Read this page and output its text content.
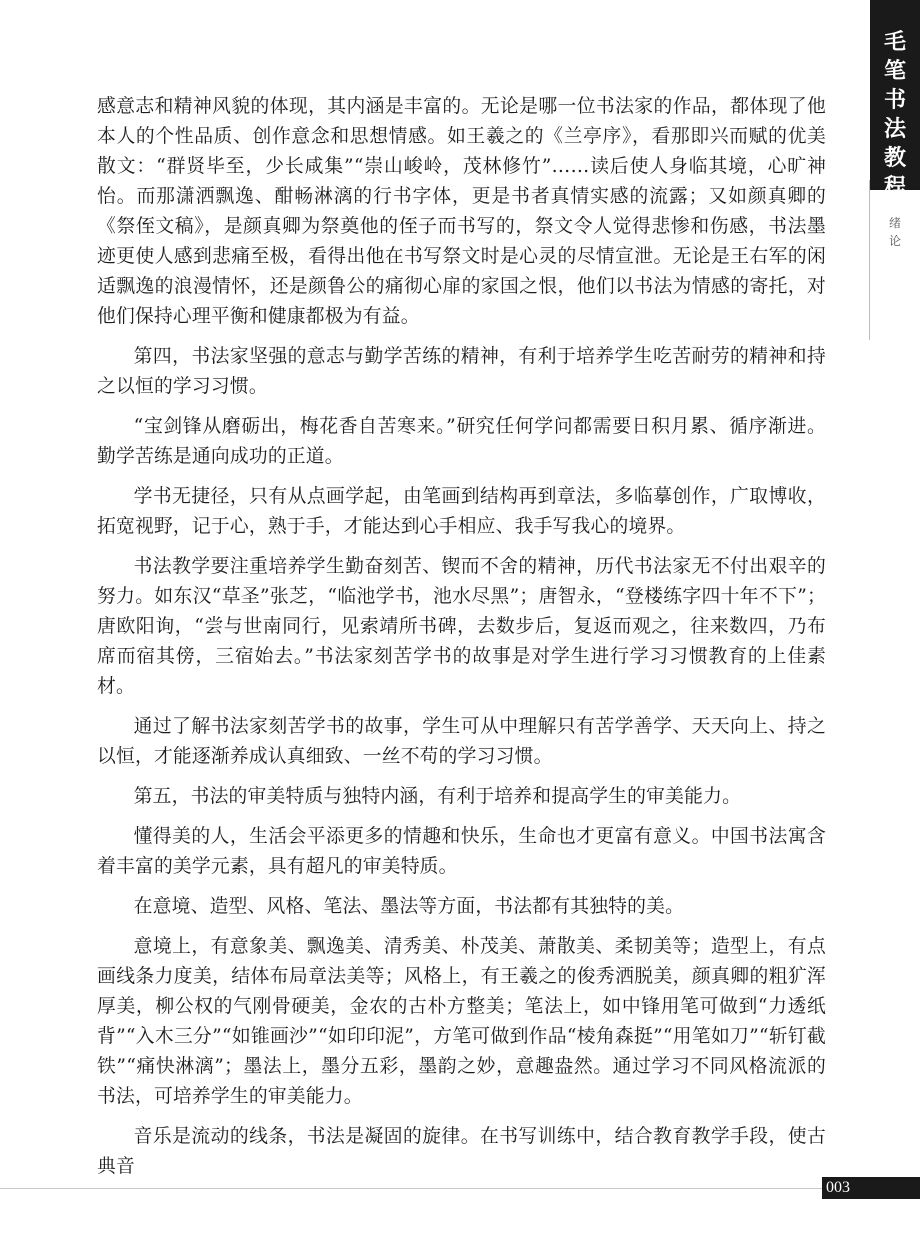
毛
笔
书
法
教
程
绪
论

感意志和精神风貌的体现，其内涵是丰富的。无论是哪一位书法家的作品，都体现了他本人的个性品质、创作意念和思想情感。如王羲之的《兰亭序》，看那即兴而赋的优美散文：“群贤毕至，少长咸集”“崇山峻岭，茂林修竹”……读后使人身临其境，心旷神怡。而那潇洒飘逸、酣畅淋漓的行书字体，更是书者真情实感的流露；又如颜真卿的《祭侄文稿》，是颜真卿为祭奠他的侄子而书写的，祭文令人觉得悲惨和伤感，书法墨迹更使人感到悲痛至极，看得出他在书写祭文时是心灵的尽情宣泄。无论是王右军的闲适飘逸的浪漫情怀，还是颜鲁公的痛彻心扉的家国之恨，他们以书法为情感的寄托，对他们保持心理平衡和健康都极为有益。

第四，书法家坚强的意志与勤学苦练的精神，有利于培养学生吃苦耐劳的精神和持之以恒的学习习惯。

“宝剑锋从磨砺出，梅花香自苦寒来。”研究任何学问都需要日积月累、循序渐进。勤学苦练是通向成功的正道。

学书无捷径，只有从点画学起，由笔画到结构再到章法，多临摹创作，广取博收，拓宽视野，记于心，熟于手，才能达到心手相应、我手写我心的境界。

书法教学要注重培养学生勤奋刻苦、锲而不舍的精神，历代书法家无不付出艰辛的努力。如东汉“草圣”张芝，“临池学书，池水尽黑”；唐智永，“登楼练字四十年不下”；唐欧阳询，“尝与世南同行，见索靖所书碑，去数步后，复返而观之，往来数四，乃布席而宿其傍，三宿始去。”书法家刻苦学书的故事是对学生进行学习习惯教育的上佳素材。

通过了解书法家刻苦学书的故事，学生可从中理解只有苦学善学、天天向上、持之以恒，才能逐渐养成认真细致、一丝不苟的学习习惯。

第五，书法的审美特质与独特内涵，有利于培养和提高学生的审美能力。

懂得美的人，生活会平添更多的情趣和快乐，生命也才更富有意义。中国书法寓含着丰富的美学元素，具有超凡的审美特质。

在意境、造型、风格、笔法、墨法等方面，书法都有其独特的美。

意境上，有意象美、飘逸美、清秀美、朴茂美、萧散美、柔韧美等；造型上，有点画线条力度美，结体布局章法美等；风格上，有王羲之的俊秀洒脱美，颜真卿的粗犷浑厚美，柳公权的气刚骨硬美，金农的古朴方整美；笔法上，如中锋用笔可做到“力透纸背”“入木三分”“如锥画沙”“如印印泥”，方笔可做到作品“棱角森挺”“用笔如刀”“斩钉截铁”“痛快淋漓”；墨法上，墨分五彩，墨韵之妙，意趣盎然。通过学习不同风格流派的书法，可培养学生的审美能力。

音乐是流动的线条，书法是凝固的旋律。在书写训练中，结合教育教学手段，使古典音

003
